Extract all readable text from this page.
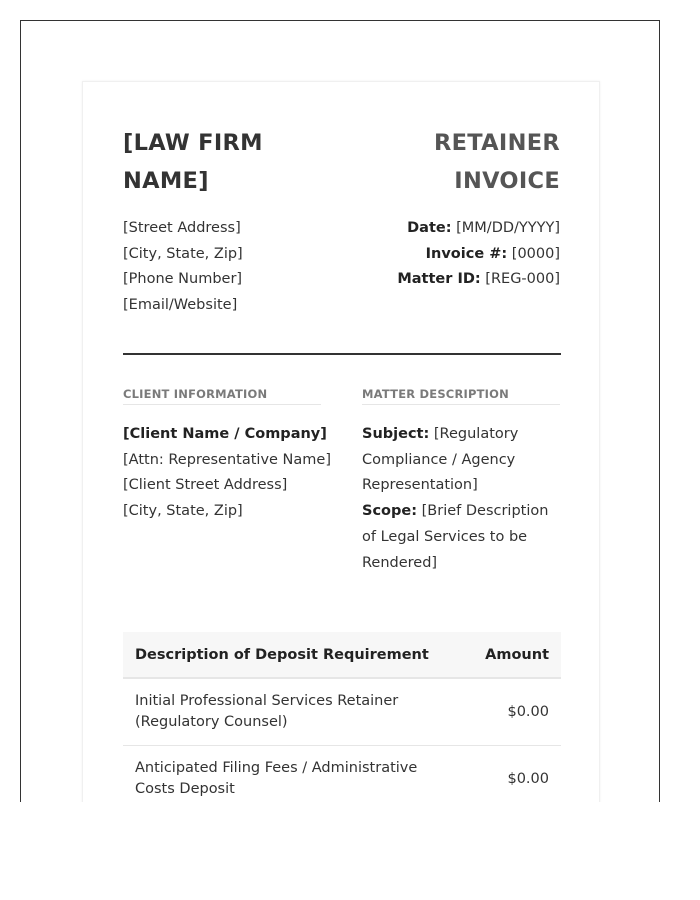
[LAW FIRM
NAME]
RETAINER
INVOICE
[Street Address]
[City, State, Zip]
[Phone Number]
[Email/Website]
Date: [MM/DD/YYYY]
Invoice #: [0000]
Matter ID: [REG-000]
CLIENT INFORMATION	MATTER DESCRIPTION
[Client Name / Company]
[Attn: Representative Name]
[Client Street Address]
[City, State, Zip]
Subject: [Regulatory Compliance / Agency Representation]
Scope: [Brief Description of Legal Services to be Rendered]
Description of Deposit Requirement	Amount
Initial Professional Services Retainer (Regulatory Counsel)	$0.00
Anticipated Filing Fees / Administrative Costs Deposit	$0.00
